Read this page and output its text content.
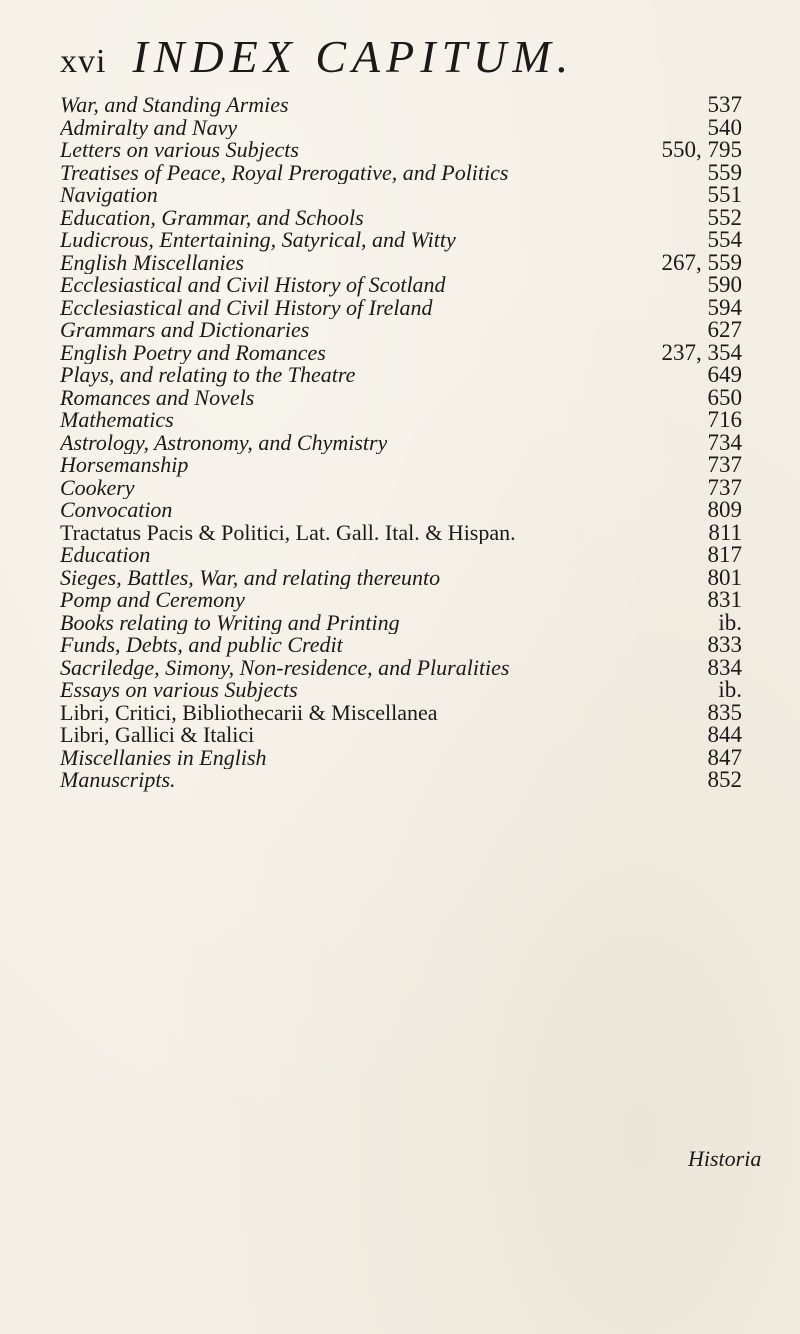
xvi INDEX CAPITUM.
War, and Standing Armies	537
Admiralty and Navy	540
Letters on various Subjects	550, 795
Treatises of Peace, Royal Prerogative, and Politics	559
Navigation	551
Education, Grammar, and Schools	552
Ludicrous, Entertaining, Satyrical, and Witty	554
English Miscellanies	267, 559
Ecclesiastical and Civil History of Scotland	590
Ecclesiastical and Civil History of Ireland	594
Grammars and Dictionaries	627
English Poetry and Romances	237, 354
Plays, and relating to the Theatre	649
Romances and Novels	650
Mathematics	716
Astrology, Astronomy, and Chymistry	734
Horsemanship	737
Cookery	737
Convocation	809
Tractatus Pacis & Politici, Lat. Gall. Ital. & Hispan.	811
Education	817
Sieges, Battles, War, and relating thereunto	801
Pomp and Ceremony	831
Books relating to Writing and Printing	ib.
Funds, Debts, and public Credit	833
Sacriledge, Simony, Non-residence, and Pluralities	834
Essays on various Subjects	ib.
Libri, Critici, Bibliothecarii & Miscellanea	835
Libri, Gallici & Italici	844
Miscellanies in English	847
Manuscripts.	852
Historia
